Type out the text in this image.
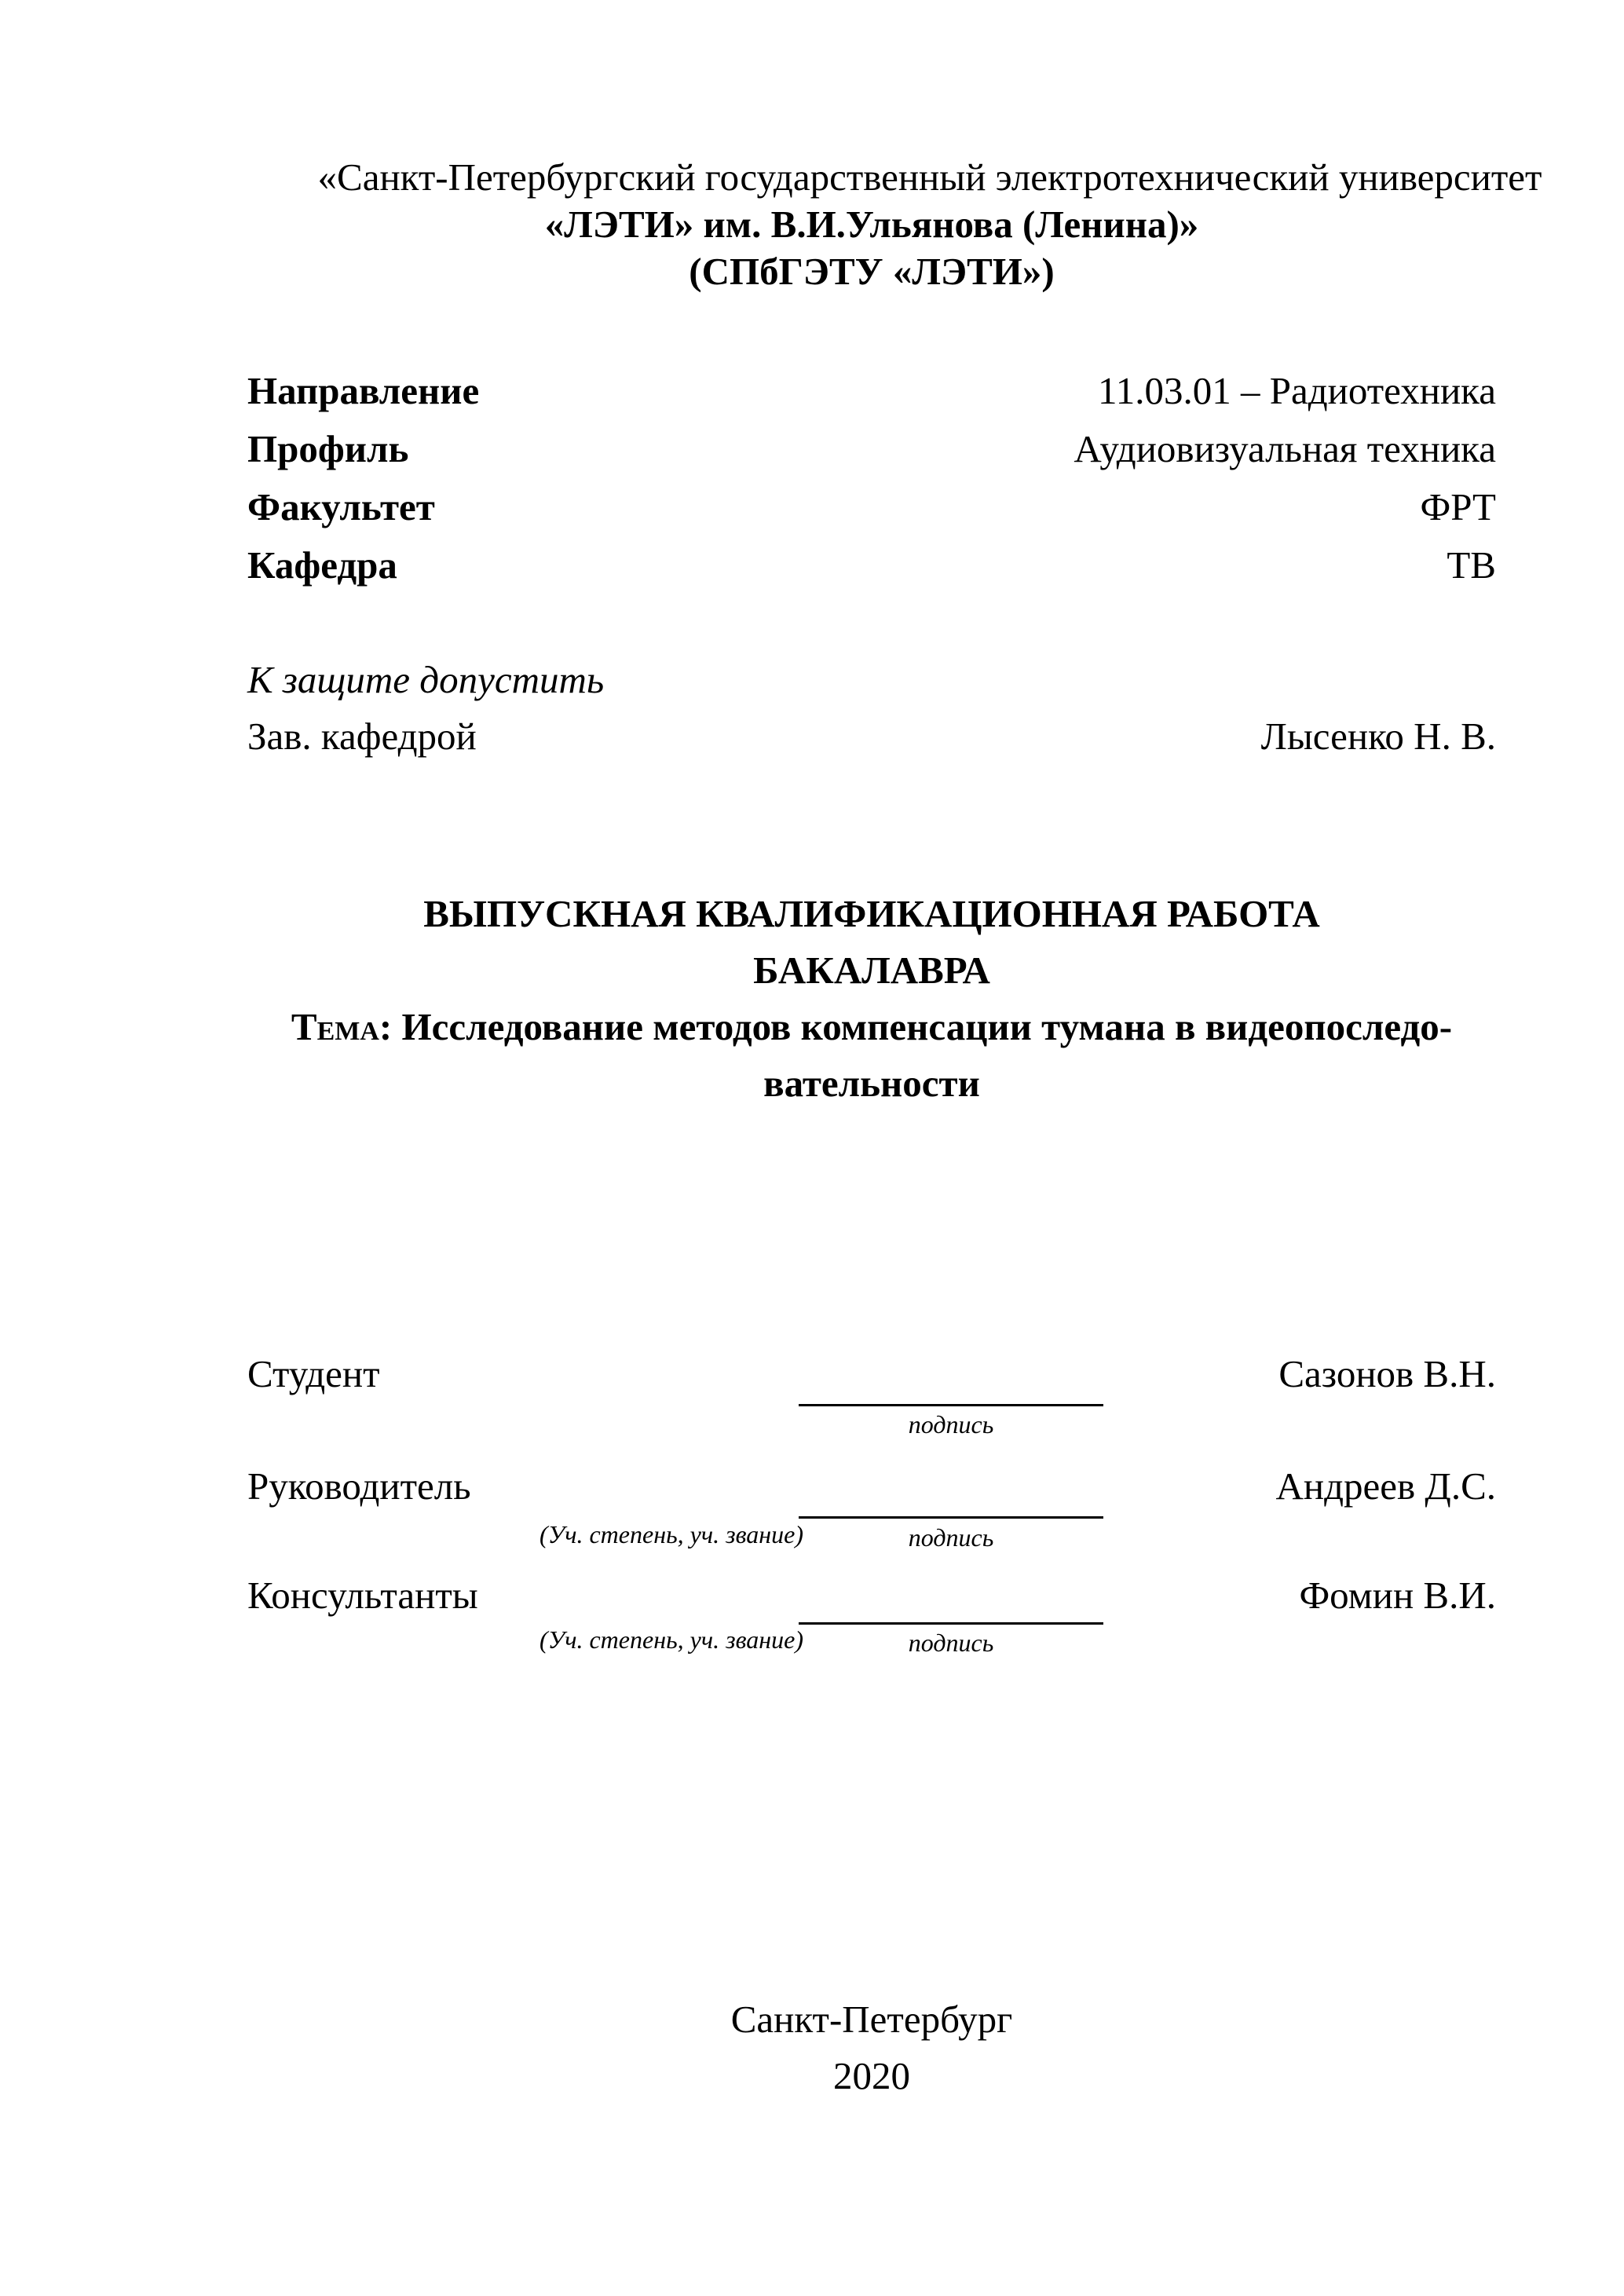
«Санкт-Петербургский государственный электротехнический университет
«ЛЭТИ» им. В.И.Ульянова (Ленина)»
(СПбГЭТУ «ЛЭТИ»)
Направление	11.03.01 – Радиотехника
Профиль	Аудиовизуальная техника
Факультет	ФРТ
Кафедра	ТВ
К защите допустить
Зав. кафедрой	Лысенко Н. В.
ВЫПУСКНАЯ КВАЛИФИКАЦИОННАЯ РАБОТА
БАКАЛАВРА
Тема: Исследование методов компенсации тумана в видеопоследо-
вательности
Студент	Сазонов В.Н.
подпись
Руководитель	Андреев Д.С.
(Уч. степень, уч. звание)	подпись
Консультанты	Фомин В.И.
(Уч. степень, уч. звание)	подпись
Санкт-Петербург
2020
